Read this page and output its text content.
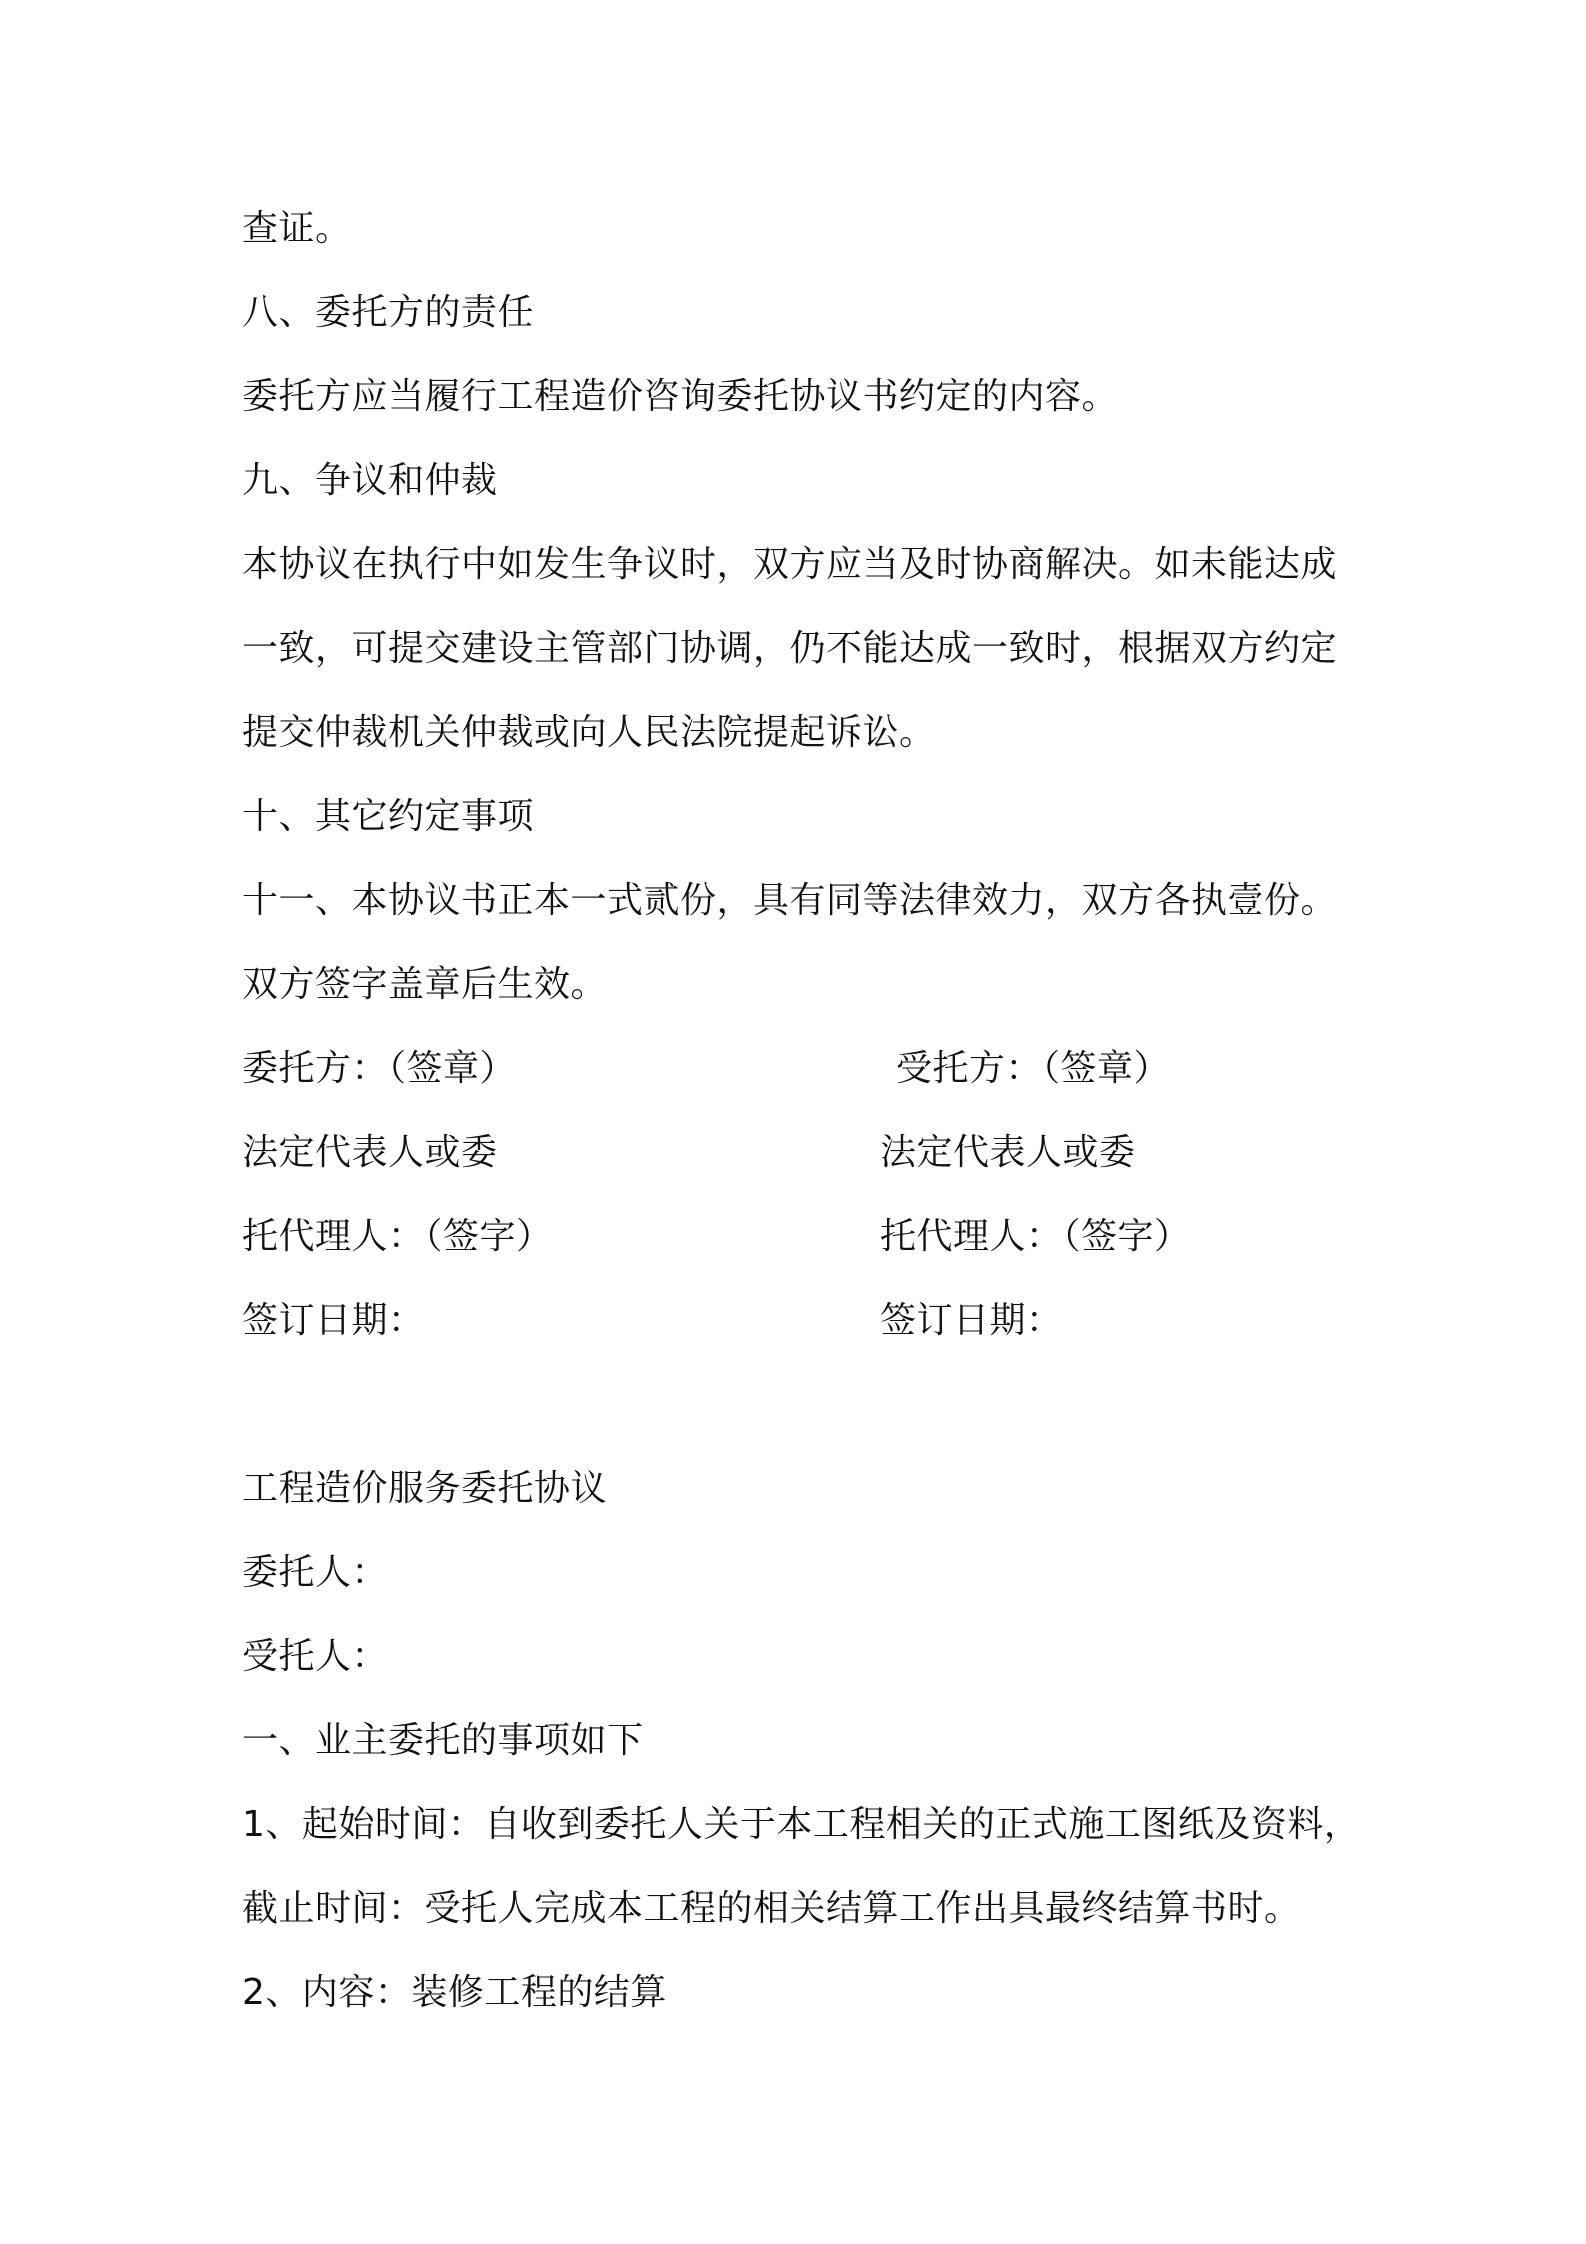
查证。
八、委托方的责任
委托方应当履行工程造价咨询委托协议书约定的内容。
九、争议和仲裁
本协议在执行中如发生争议时，双方应当及时协商解决。如未能达成
一致，可提交建设主管部门协调，仍不能达成一致时，根据双方约定
提交仲裁机关仲裁或向人民法院提起诉讼。
十、其它约定事项
十一、本协议书正本一式贰份，具有同等法律效力，双方各执壹份。
双方签字盖章后生效。
委托方：（签章）	受托方：（签章）
法定代表人或委	法定代表人或委
托代理人：（签字）	托代理人：（签字）
签订日期：	签订日期：
工程造价服务委托协议
委托人：
受托人：
一、业主委托的事项如下
1、起始时间：自收到委托人关于本工程相关的正式施工图纸及资料，
截止时间：受托人完成本工程的相关结算工作出具最终结算书时。
2、内容：装修工程的结算
